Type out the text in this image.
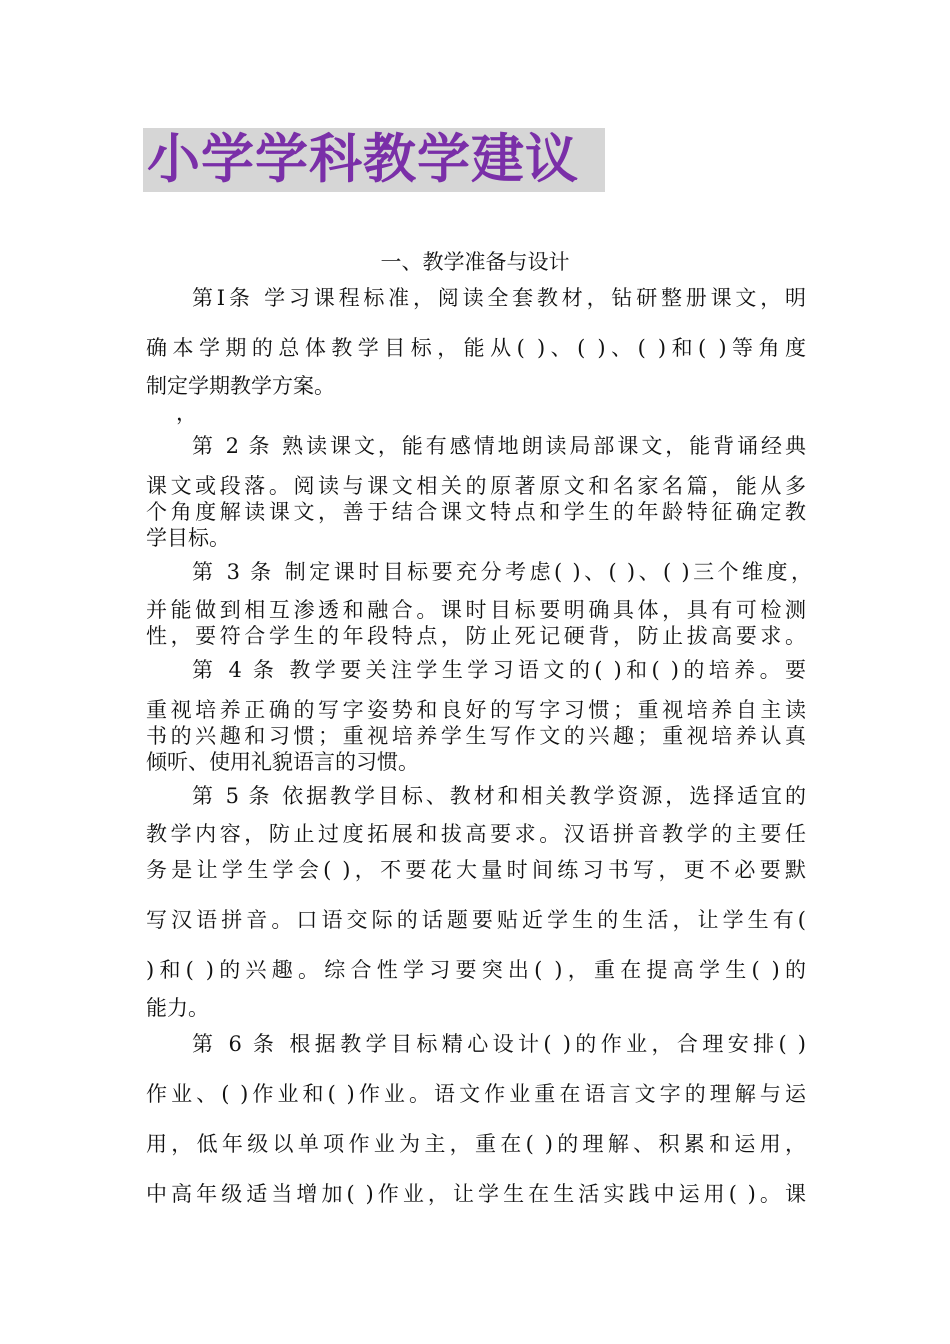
小学学科教学建议
一、教学准备与设计
第Ⅰ条 学习课程标准，阅读全套教材，钻研整册课文，明
确本学期的总体教学目标，能从( )、( )、( )和( )等角度
制定学期教学方案。
，
第 2 条 熟读课文，能有感情地朗读局部课文，能背诵经典
课文或段落。阅读与课文相关的原著原文和名家名篇，能从多
个角度解读课文，善于结合课文特点和学生的年龄特征确定教
学目标。
第 3 条 制定课时目标要充分考虑( )、( )、( )三个维度，
并能做到相互渗透和融合。课时目标要明确具体，具有可检测
性，要符合学生的年段特点，防止死记硬背，防止拔高要求。
第 4 条 教学要关注学生学习语文的( )和( )的培养。要
重视培养正确的写字姿势和良好的写字习惯；重视培养自主读
书的兴趣和习惯；重视培养学生写作文的兴趣；重视培养认真
倾听、使用礼貌语言的习惯。
第 5 条 依据教学目标、教材和相关教学资源，选择适宜的
教学内容，防止过度拓展和拔高要求。汉语拼音教学的主要任
务是让学生学会( )，不要花大量时间练习书写，更不必要默
写汉语拼音。口语交际的话题要贴近学生的生活，让学生有(
)和( )的兴趣。综合性学习要突出( )，重在提高学生( )的
能力。
第 6 条 根据教学目标精心设计( )的作业，合理安排( )
作业、( )作业和( )作业。语文作业重在语言文字的理解与运
用，低年级以单项作业为主，重在( )的理解、积累和运用，
中高年级适当增加( )作业，让学生在生活实践中运用( )。课
